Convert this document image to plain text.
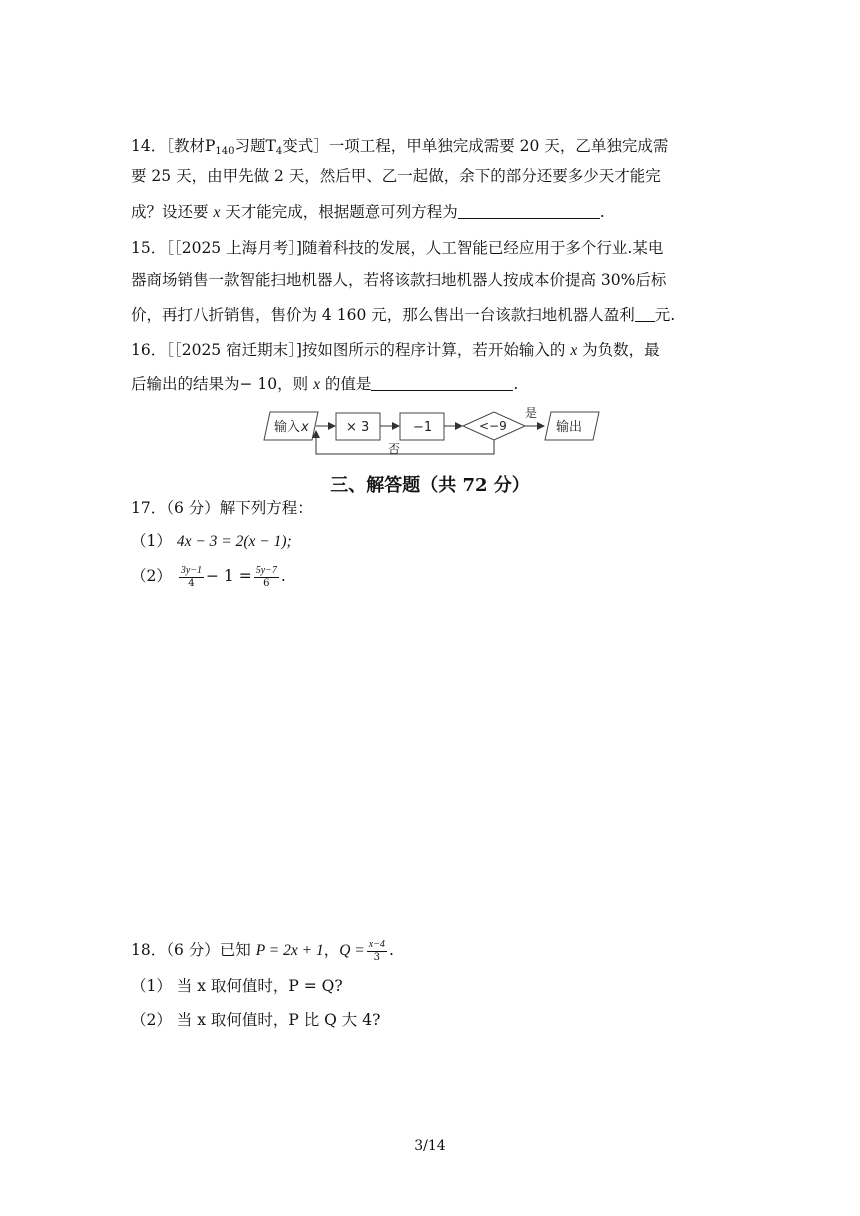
14．［教材$P_{140}$习题$T_4$变式］一项工程，甲单独完成需要 20 天，乙单独完成需
要 25 天，由甲先做 2 天，然后甲、乙一起做，余下的部分还要多少天才能完
成？设还要 x 天才能完成，根据题意可列方程为	.
15．［［2025 上海月考］]随着科技的发展，人工智能已经应用于多个行业.某电
器商场销售一款智能扫地机器人，若将该款扫地机器人按成本价提高 30%后标
价，再打八折销售，售价为 4 160 元，那么售出一台该款扫地机器人盈利 元.
16．［［2025 宿迁期末］]按如图所示的程序计算，若开始输入的 x 为负数，最
后输出的结果为− 10，则 x 的值是	.
输入 x	× 3	−1	<−9
是
输出
否
三、解答题（共 72 分）
17．（6 分）解下列方程：
（1） 4x − 3 = 2(x − 1);
$(2) \frac{3y-1}{4} - 1 = \frac{5y-7}{6}$ .
18．（6 分）已知 P = 2x + 1，$Q = \frac{x-4}{3}$ .
（1） 当 x 取何值时，P = Q?
（2） 当 x 取何值时，P 比 Q 大 4?
3/14
